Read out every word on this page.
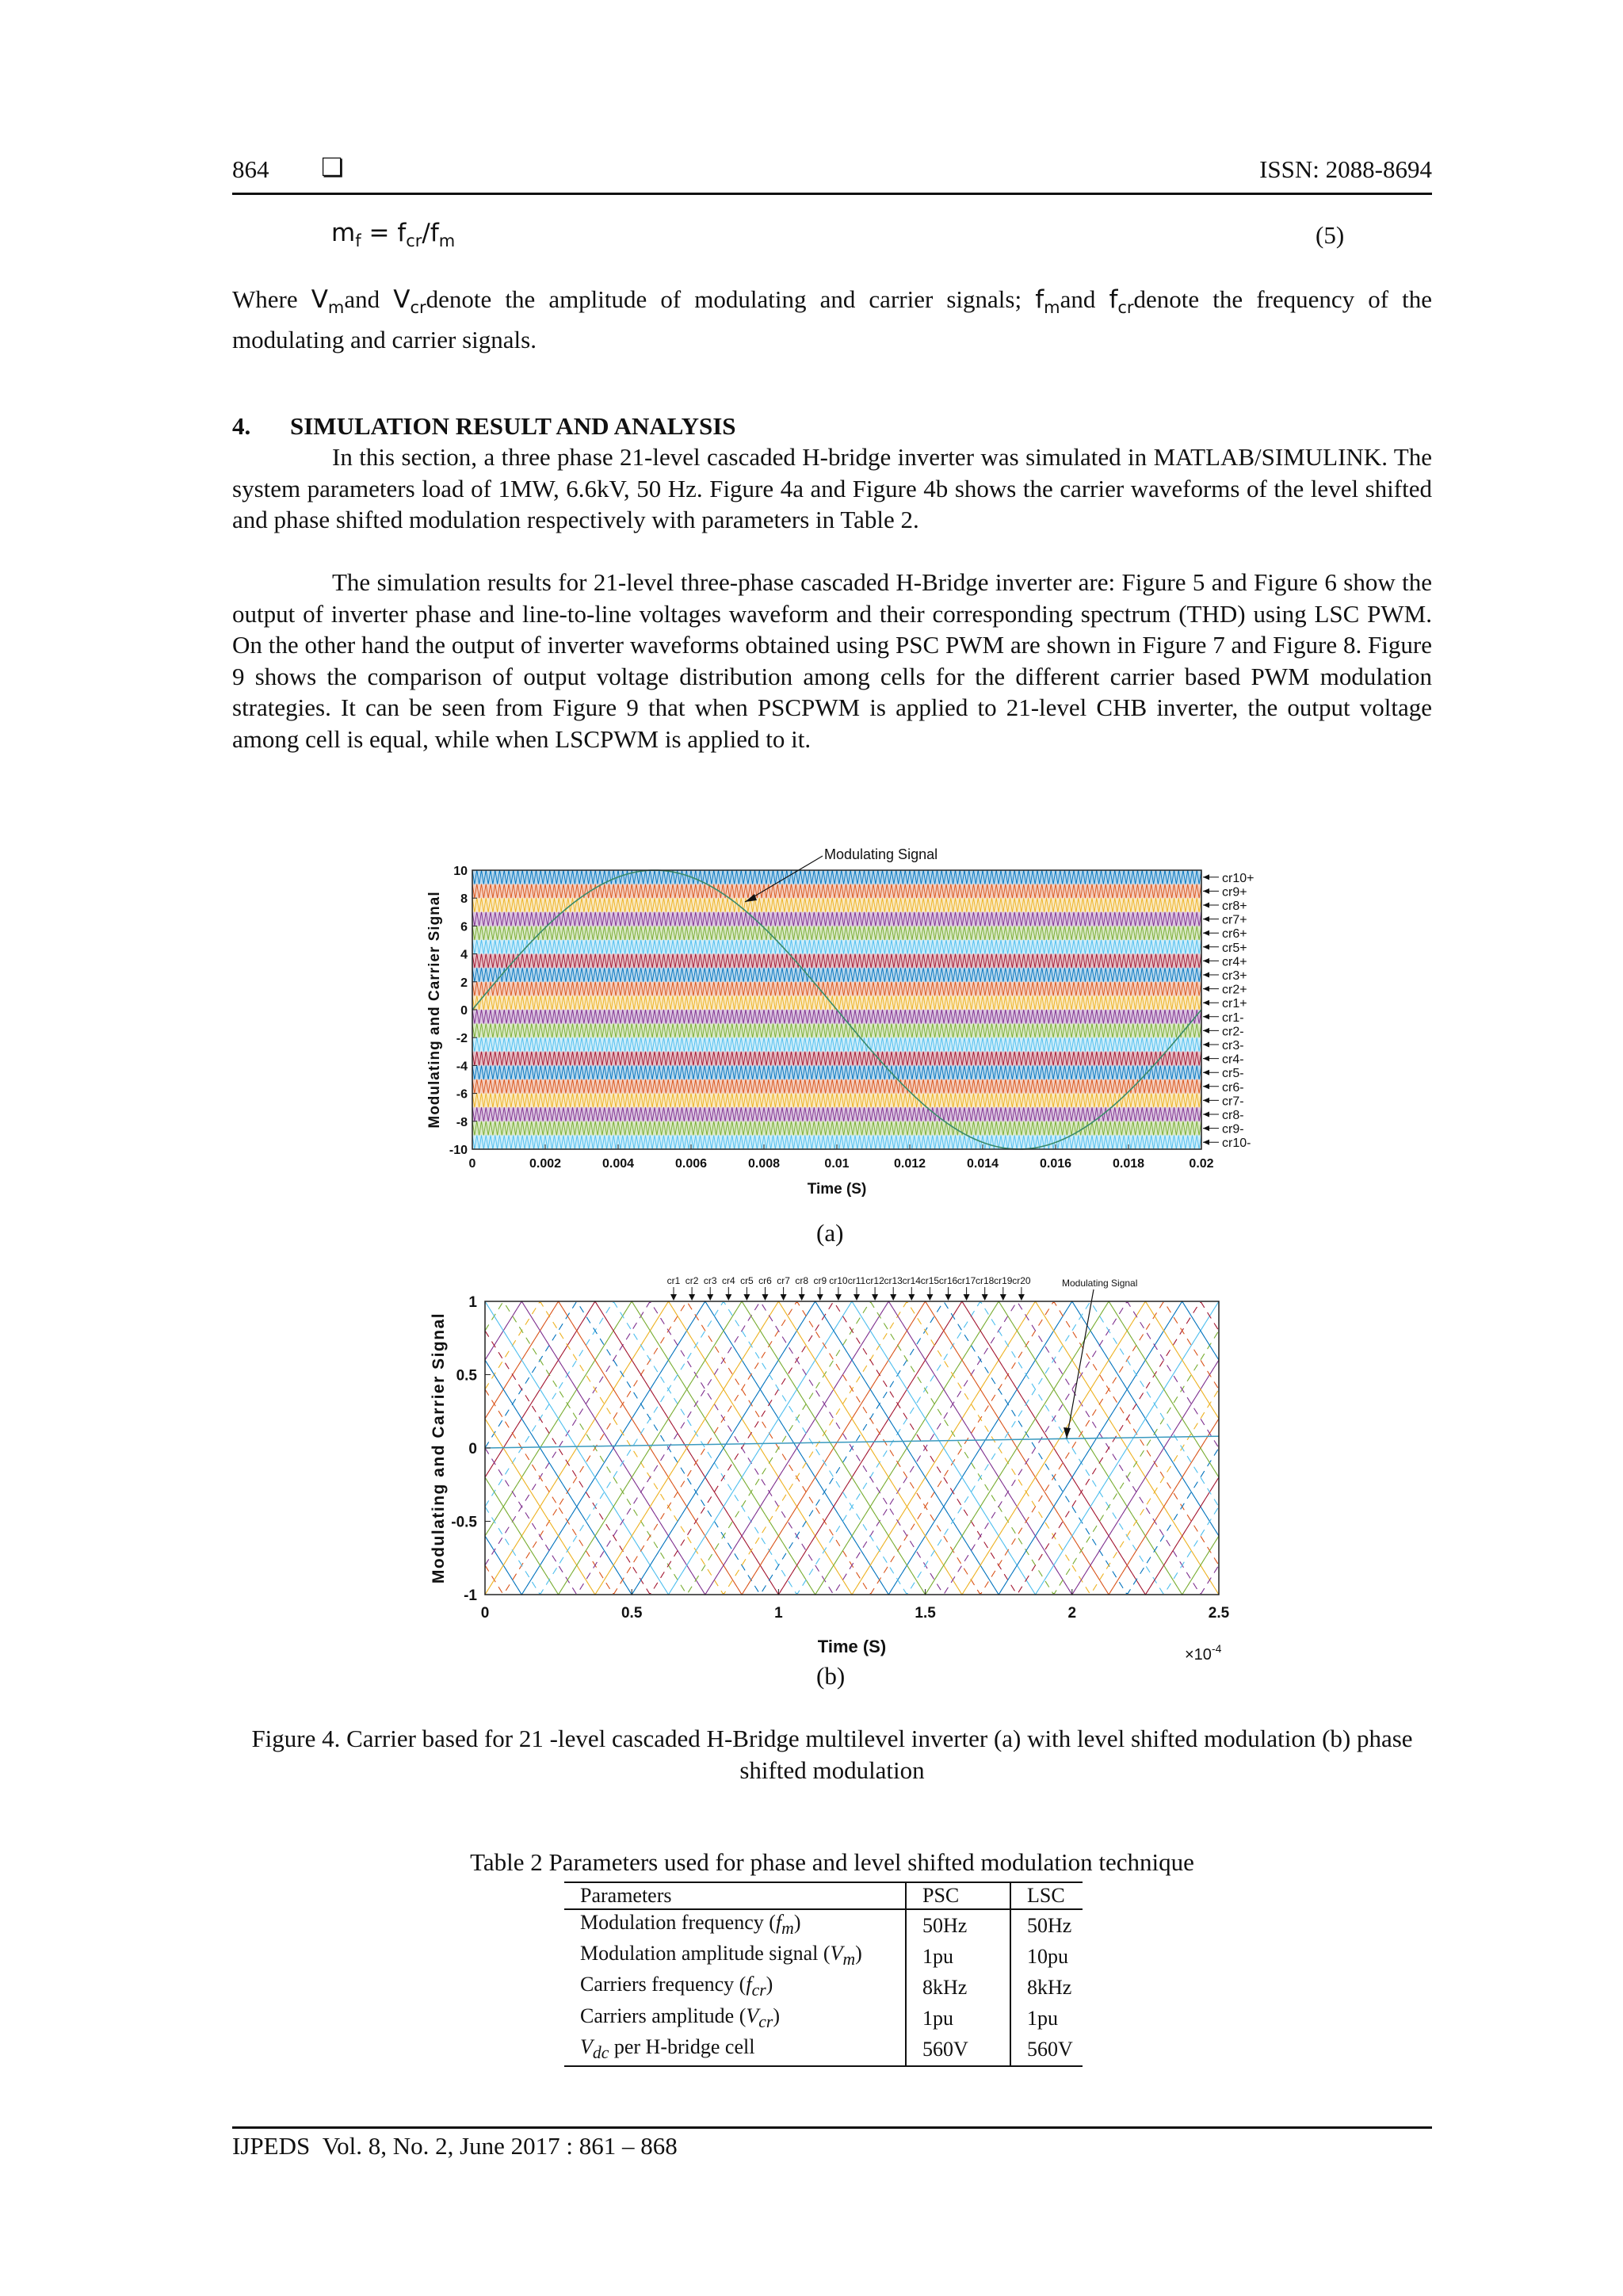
864 ❏	ISSN: 2088-8694
$m_f = f_{cr}/f_m$	(5)

Where $V_mand$ $V_{cr}denote$ the amplitude of modulating and carrier signals; $f_mand$ $f_{cr}denote$ the frequency of the modulating and carrier signals.

4. SIMULATION RESULT AND ANALYSIS

In this section, a three phase 21-level cascaded H-bridge inverter was simulated in MATLAB/SIMULINK. The system parameters load of 1MW, 6.6kV, 50 Hz. Figure 4a and Figure 4b shows the carrier waveforms of the level shifted and phase shifted modulation respectively with parameters in Table 2.

The simulation results for 21-level three-phase cascaded H-Bridge inverter are: Figure 5 and Figure 6 show the output of inverter phase and line-to-line voltages waveform and their corresponding spectrum (THD) using LSC PWM. On the other hand the output of inverter waveforms obtained using PSC PWM are shown in Figure 7 and Figure 8. Figure 9 shows the comparison of output voltage distribution among cells for the different carrier based PWM modulation strategies. It can be seen from Figure 9 that when PSCPWM is applied to 21-level CHB inverter, the output voltage among cell is equal, while when LSCPWM is applied to it.

10
8
6
4
2
0
-2
-4
-6
-8
-10
0	0.002	0.004	0.006	0.008	0.01	0.012	0.014	0.016	0.018	0.02
cr10+
cr9+
cr8+
cr7+
cr6+
cr5+
cr4+
cr3+
cr2+
cr1+
cr1-
cr2-
cr3-
cr4-
cr5-
cr6-
cr7-
cr8-
cr9-
cr10-
Modulating Signal
Time (S)
Modulating and Carrier Signal
(a)
1
0.5
0
-0.5
-1
0	0.5	1	1.5	2	2.5
cr1 cr2 cr3 cr4 cr5 cr6 cr7 cr8 cr9 cr10 cr11 cr12 cr13 cr14 cr15 cr16 cr17 cr18 cr19 cr20	Modulating Signal
Time (S)	$\times 10^{-4}$
Modulating and Carrier Signal
(b)
Figure 4. Carrier based for 21 -level cascaded H-Bridge multilevel inverter (a) with level shifted modulation (b) phase shifted modulation
Table 2 Parameters used for phase and level shifted modulation technique
Parameters	PSC	LSC
Modulation frequency $(f_m)$	50Hz	50Hz
Modulation amplitude signal $(V_m)$	1pu	10pu
Carriers frequency $(f_{cr})$	8kHz	8kHz
Carriers amplitude $(V_{cr})$	1pu	1pu
$V_{dc}$ per H-bridge cell	560V	560V
IJPEDS Vol. 8, No. 2, June 2017 : 861 – 868
